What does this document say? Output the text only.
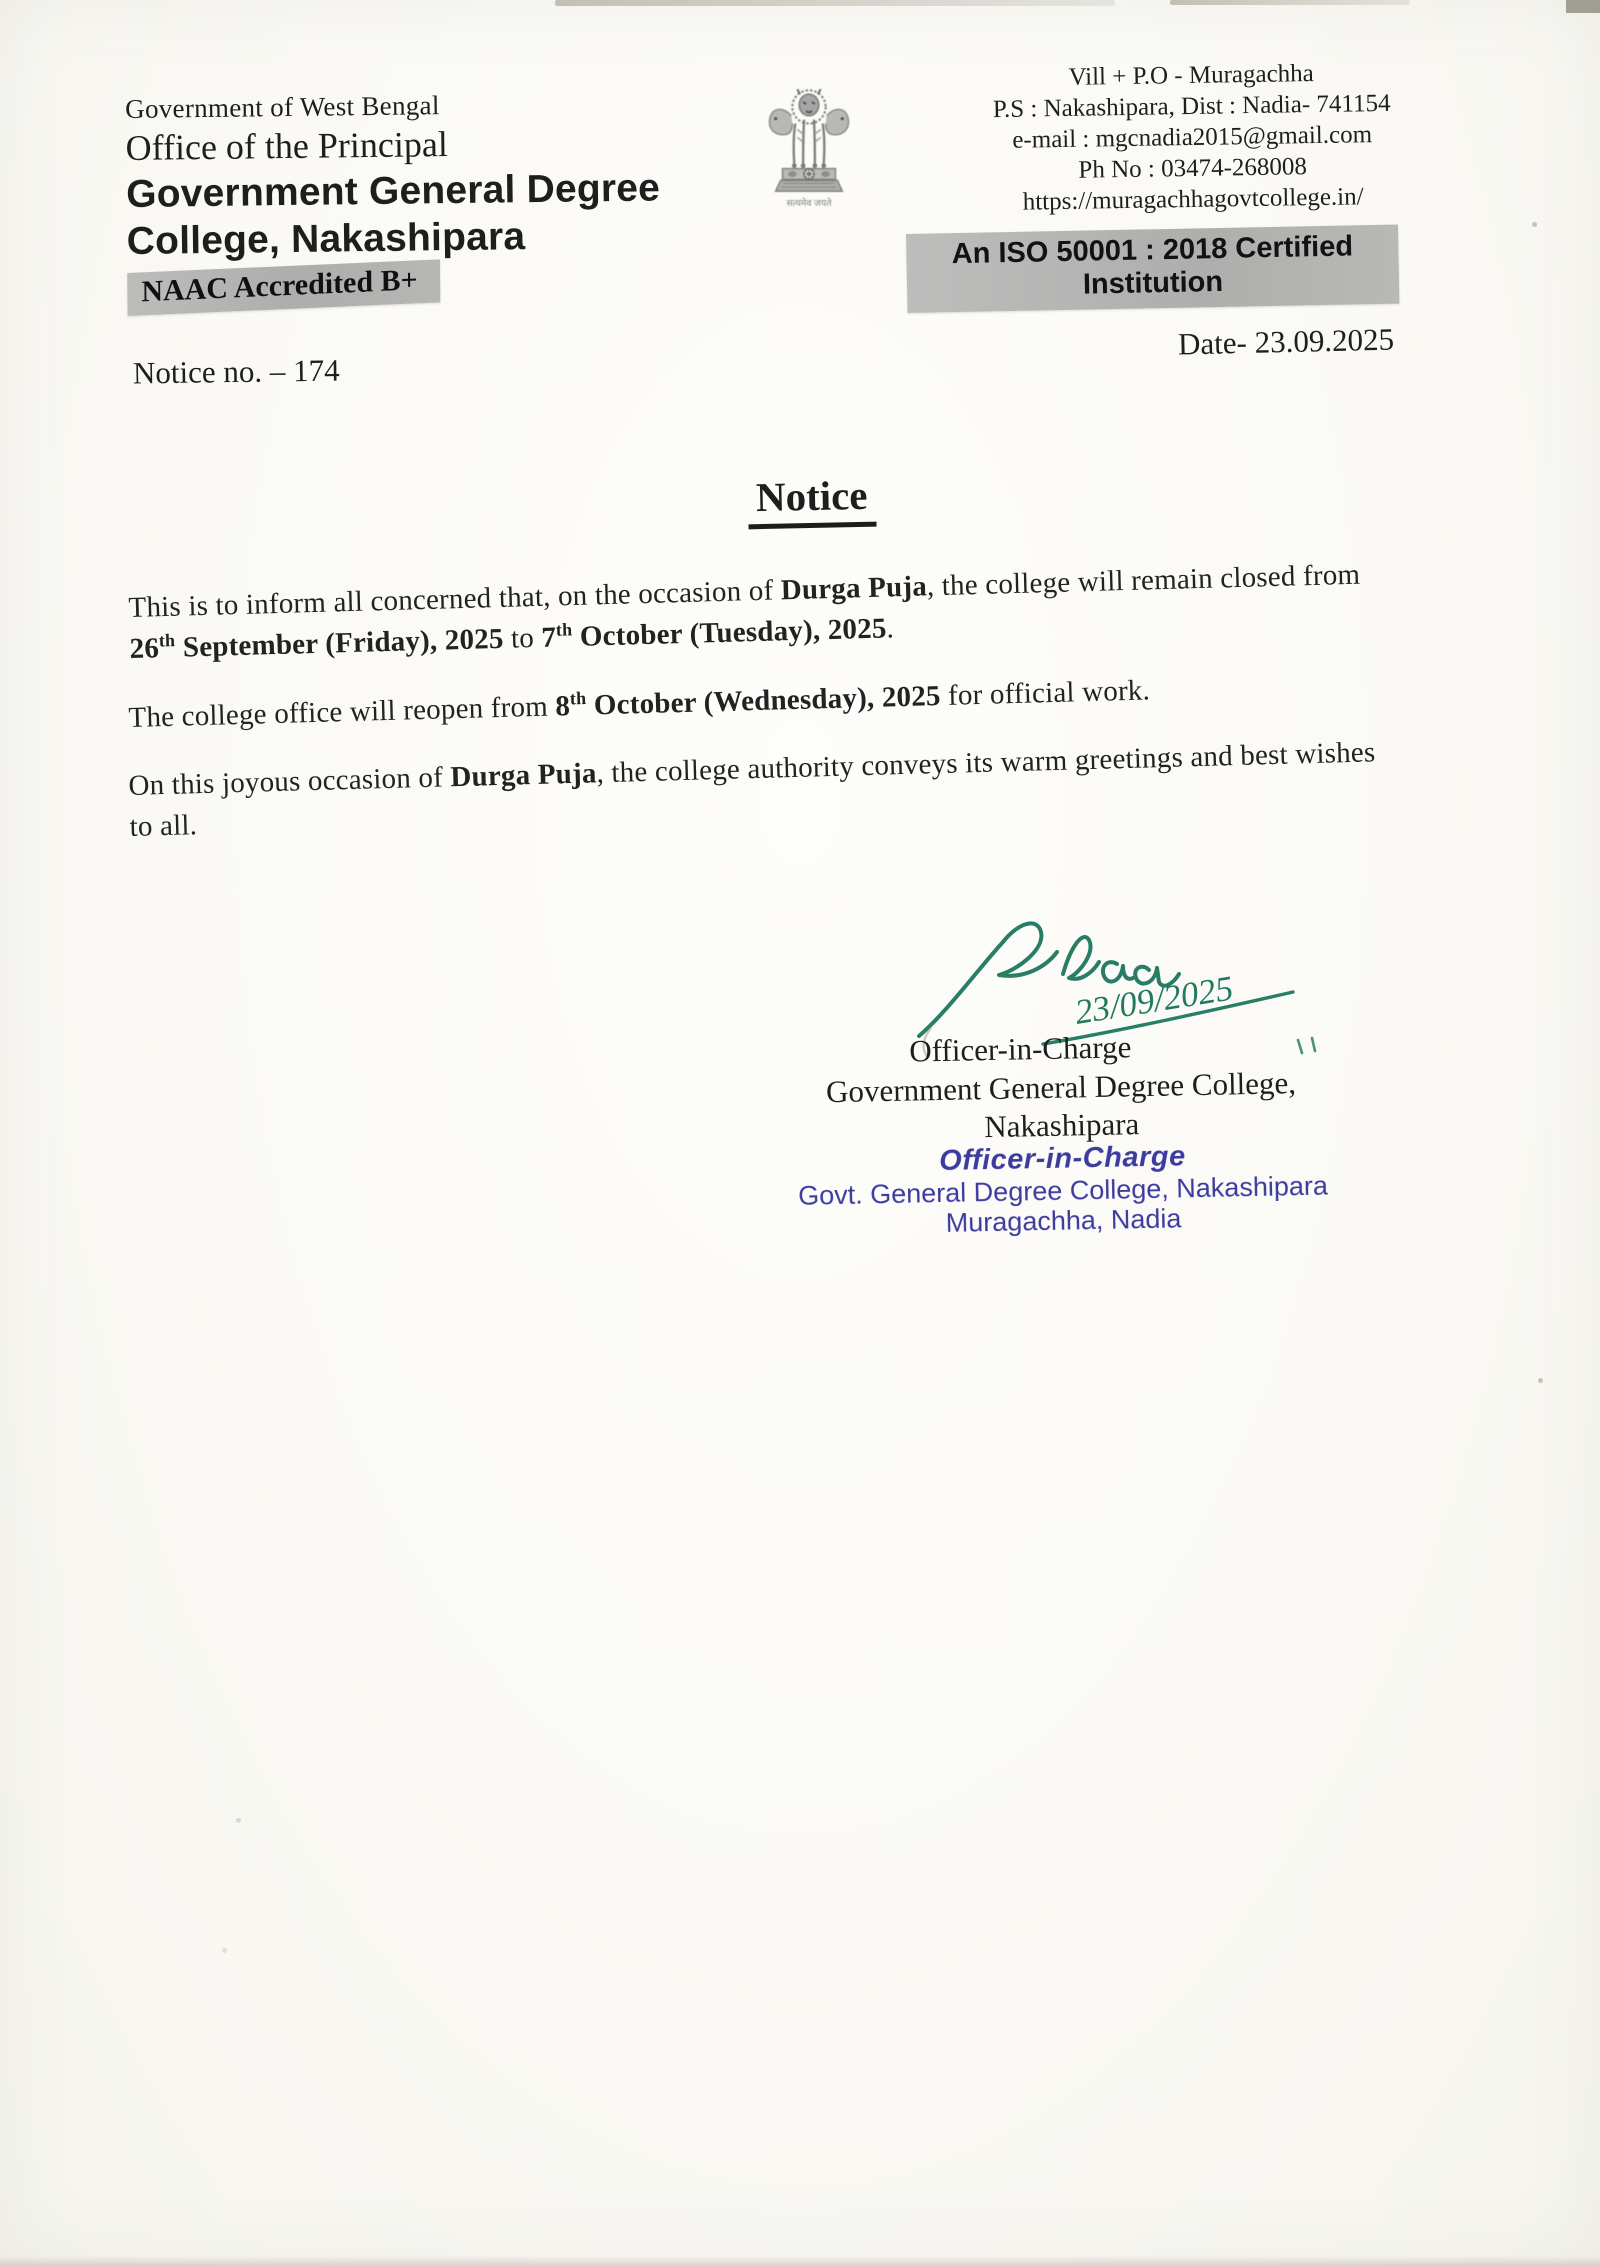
Government of West Bengal
Office of the Principal
Government General Degree
College, Nakashipara
NAAC Accredited B+
सत्यमेव जयते
Vill + P.O - Muragachha
P.S : Nakashipara, Dist : Nadia- 741154
e-mail : mgcnadia2015@gmail.com
Ph No : 03474-268008
https://muragachhagovtcollege.in/
An ISO 50001 : 2018 Certified Institution
Date- 23.09.2025
Notice no. – 174
Notice
This is to inform all concerned that, on the occasion of Durga Puja, the college will remain closed from
26th September (Friday), 2025 to 7th October (Tuesday), 2025.
The college office will reopen from 8th October (Wednesday), 2025 for official work.
On this joyous occasion of Durga Puja, the college authority conveys its warm greetings and best wishes
to all.
23/09/2025
Officer-in-Charge
Government General Degree College,
Nakashipara
Officer-in-Charge
Govt. General Degree College, Nakashipara
Muragachha, Nadia
